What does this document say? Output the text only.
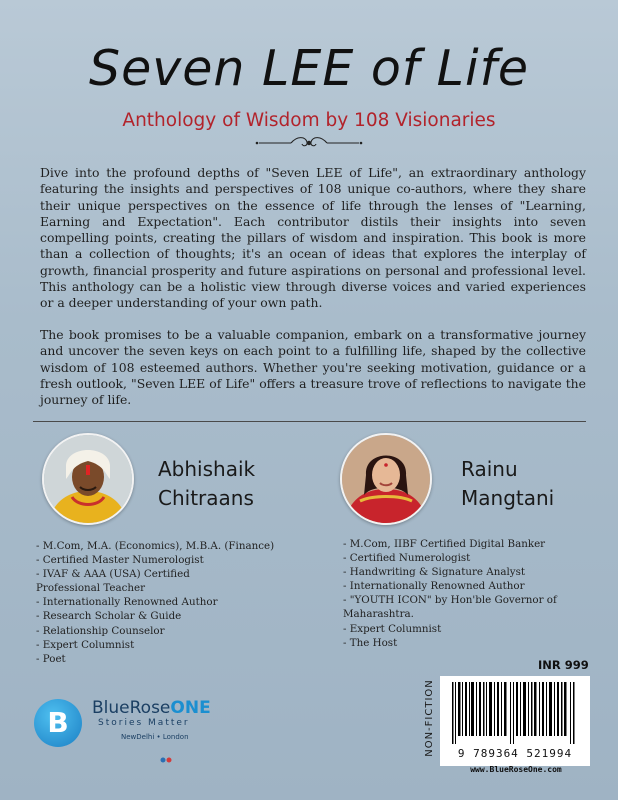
Seven LEE of Life
Anthology of Wisdom by 108 Visionaries

Dive into the profound depths of "Seven LEE of Life", an extraordinary anthology featuring the insights and perspectives of 108 unique co-authors, where they share their unique perspectives on the essence of life through the lenses of "Learning, Earning and Expectation". Each contributor distils their insights into seven compelling points, creating the pillars of wisdom and inspiration. This book is more than a collection of thoughts; it's an ocean of ideas that explores the interplay of growth, financial prosperity and future aspirations on personal and professional level. This anthology can be a holistic view through diverse voices and varied experiences or a deeper understanding of your own path.

The book promises to be a valuable companion, embark on a transformative journey and uncover the seven keys on each point to a fulfilling life, shaped by the collective wisdom of 108 esteemed authors. Whether you're seeking motivation, guidance or a fresh outlook, "Seven LEE of Life" offers a treasure trove of reflections to navigate the journey of life.

Abhishaik
Chitraans
- M.Com, M.A. (Economics), M.B.A. (Finance)
- Certified Master Numerologist
- IVAF & AAA (USA) Certified
Professional Teacher
- Internationally Renowned Author
- Research Scholar & Guide
- Relationship Counselor
- Expert Columnist
- Poet
Rainu
Mangtani
- M.Com, IIBF Certified Digital Banker
- Certified Numerologist
- Handwriting & Signature Analyst
- Internationally Renowned Author
- "YOUTH ICON" by Hon'ble Governor of
Maharashtra.
- Expert Columnist
- The Host
B	BlueRoseONE
Stories Matter
NewDelhi • London
INR 999
NON-FICTION	9 789364 521994
www.BlueRoseOne.com
